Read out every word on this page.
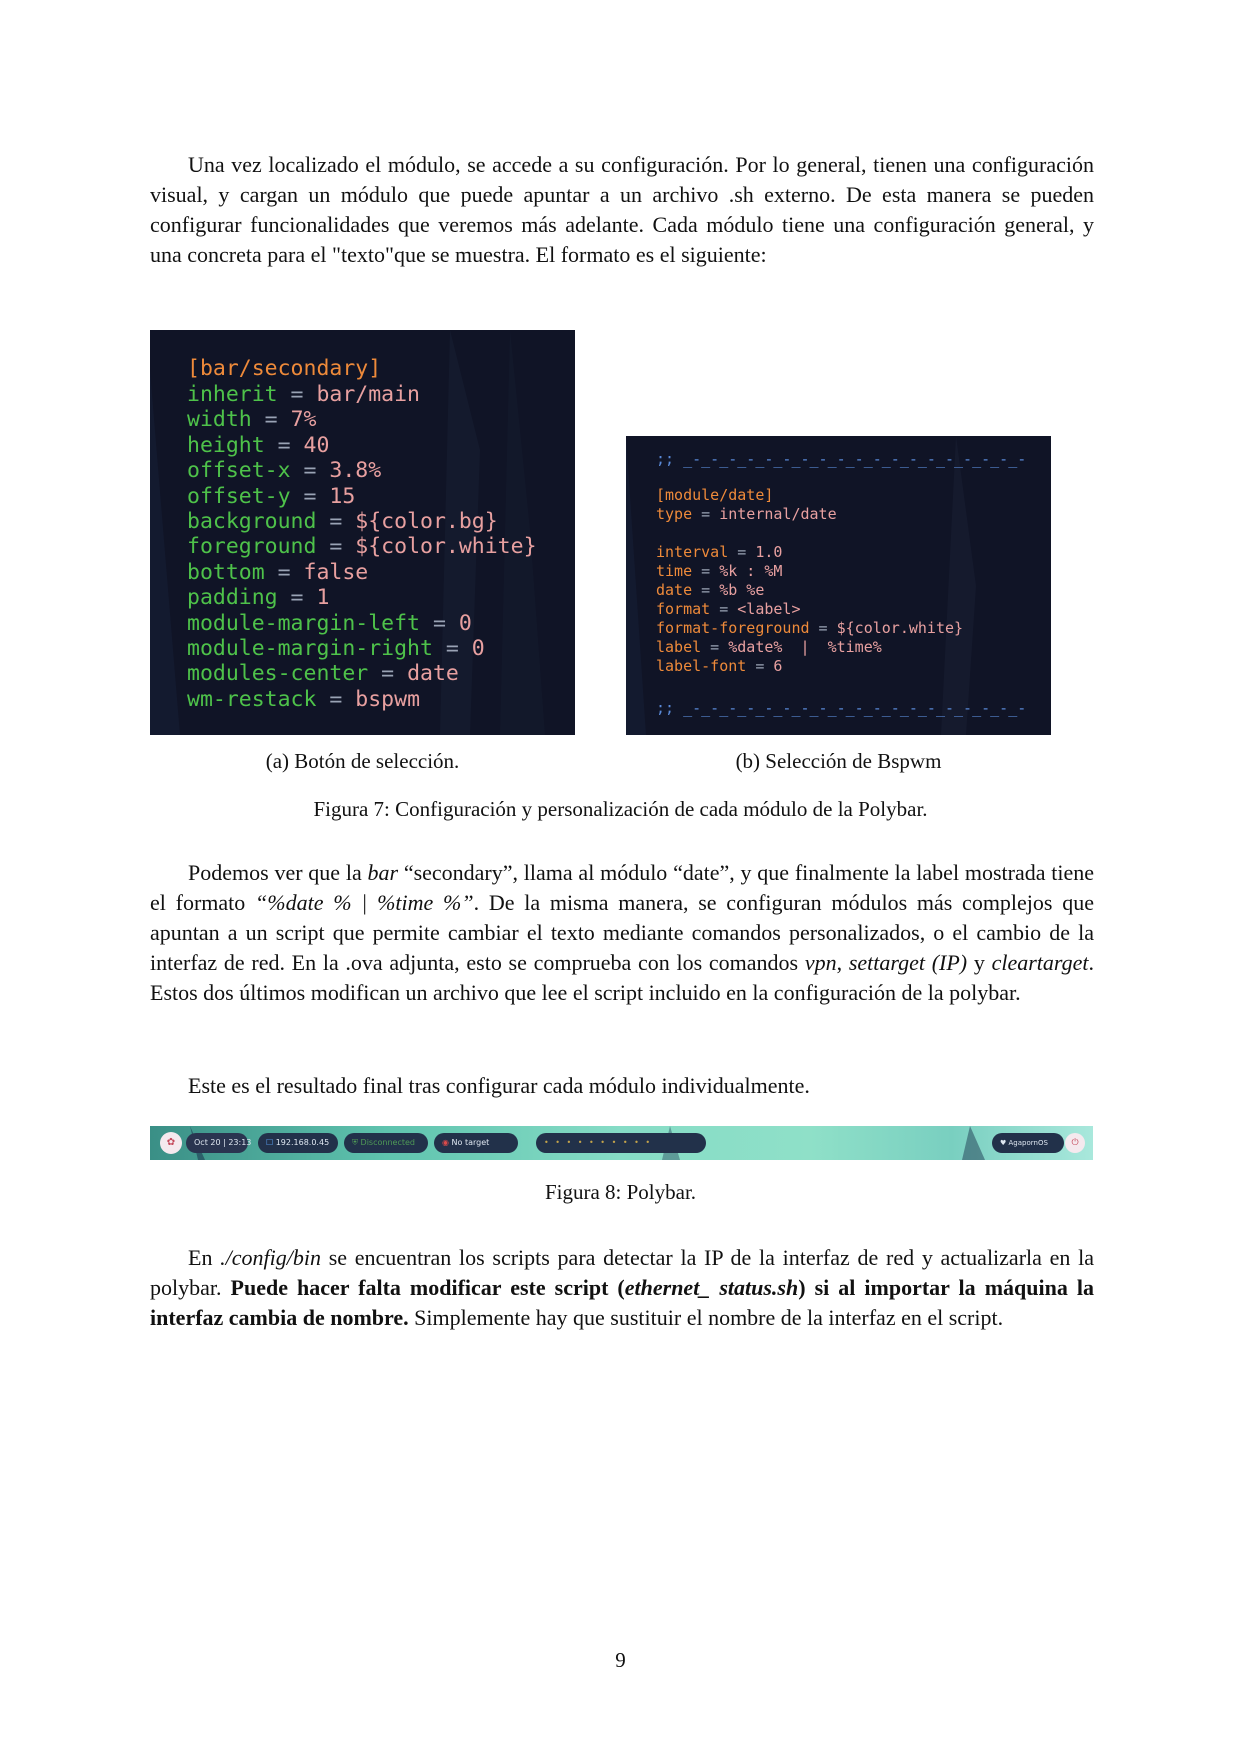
Una vez localizado el módulo, se accede a su configuración. Por lo general, tienen una configuración visual, y cargan un módulo que puede apuntar a un archivo .sh externo. De esta manera se pueden configurar funcionalidades que veremos más adelante. Cada módulo tiene una configuración general, y una concreta para el "texto"que se muestra. El formato es el siguiente:

[bar/secondary]
inherit = bar/main
width = 7%
height = 40
offset-x = 3.8%
offset-y = 15
background = ${color.bg}
foreground = ${color.white}
bottom = false
padding = 1
module-margin-left = 0
module-margin-right = 0
modules-center = date
wm-restack = bspwm
;; _-_-_-_-_-_-_-_-_-_-_-_-_-_-_-_-_-_-_-
[module/date]
type = internal/date
interval = 1.0
time = %k : %M
date = %b %e
format = <label>
format-foreground = ${color.white}
label = %date%  |  %time%
label-font = 6
;; _-_-_-_-_-_-_-_-_-_-_-_-_-_-_-_-_-_-_-
(a) Botón de selección.	(b) Selección de Bspwm
Figura 7: Configuración y personalización de cada módulo de la Polybar.

Podemos ver que la bar “secondary”, llama al módulo “date”, y que finalmente la label mostrada tiene el formato “%date % | %time %”. De la misma manera, se configuran módulos más complejos que apuntan a un script que permite cambiar el texto mediante comandos personalizados, o el cambio de la interfaz de red. En la .ova adjunta, esto se comprueba con los comandos vpn, settarget (IP) y cleartarget. Estos dos últimos modifican un archivo que lee el script incluido en la configuración de la polybar.

Este es el resultado final tras configurar cada módulo individualmente.

✿	Oct 20 | 23:13	☐ 192.168.0.45	⛨ Disconnected	◉ No target	• • • • • • • • • •	♥ AgapornOS	⏻
Figura 8: Polybar.

En ./config/bin se encuentran los scripts para detectar la IP de la interfaz de red y actualizarla en la polybar. Puede hacer falta modificar este script (ethernet_ status.sh) si al importar la máquina la interfaz cambia de nombre. Simplemente hay que sustituir el nombre de la interfaz en el script.

9
